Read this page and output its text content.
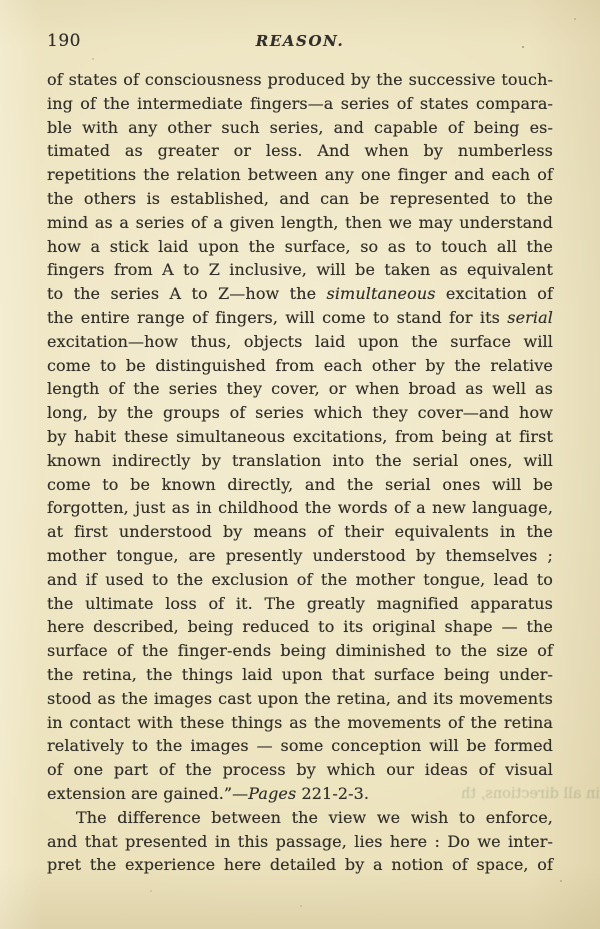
190	REASON.
of states of consciousness produced by the successive touch-
ing of the intermediate fingers—a series of states compara-
ble with any other such series, and capable of being es-
timated as greater or less. And when by numberless
repetitions the relation between any one finger and each of
the others is established, and can be represented to the
mind as a series of a given length, then we may understand
how a stick laid upon the surface, so as to touch all the
fingers from A to Z inclusive, will be taken as equivalent
to the series A to Z—how the simultaneous excitation of
the entire range of fingers, will come to stand for its serial
excitation—how thus, objects laid upon the surface will
come to be distinguished from each other by the relative
length of the series they cover, or when broad as well as
long, by the groups of series which they cover—and how
by habit these simultaneous excitations, from being at first
known indirectly by translation into the serial ones, will
come to be known directly, and the serial ones will be
forgotten, just as in childhood the words of a new language,
at first understood by means of their equivalents in the
mother tongue, are presently understood by themselves ;
and if used to the exclusion of the mother tongue, lead to
the ultimate loss of it. The greatly magnified apparatus
here described, being reduced to its original shape — the
surface of the finger-ends being diminished to the size of
the retina, the things laid upon that surface being under-
stood as the images cast upon the retina, and its movements
in contact with these things as the movements of the retina
relatively to the images — some conception will be formed
of one part of the process by which our ideas of visual
extension are gained.”—Pages 221-2-3.
The difference between the view we wish to enforce,
and that presented in this passage, lies here : Do we inter-
pret the experience here detailed by a notion of space, of
in all directions, th
